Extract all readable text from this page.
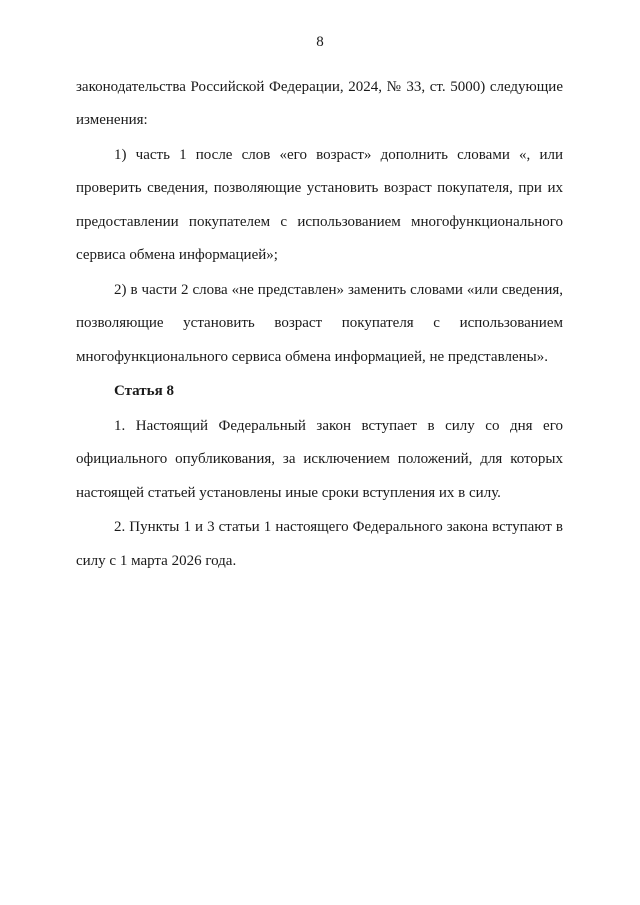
8

законодательства Российской Федерации, 2024, № 33, ст. 5000) следующие изменения:

1) часть 1 после слов «его возраст» дополнить словами «, или проверить сведения, позволяющие установить возраст покупателя, при их предоставлении покупателем с использованием многофункционального сервиса обмена информацией»;

2) в части 2 слова «не представлен» заменить словами «или сведения, позволяющие установить возраст покупателя с использованием многофункционального сервиса обмена информацией, не представлены».

Статья 8

1. Настоящий Федеральный закон вступает в силу со дня его официального опубликования, за исключением положений, для которых настоящей статьей установлены иные сроки вступления их в силу.

2. Пункты 1 и 3 статьи 1 настоящего Федерального закона вступают в силу с 1 марта 2026 года.
